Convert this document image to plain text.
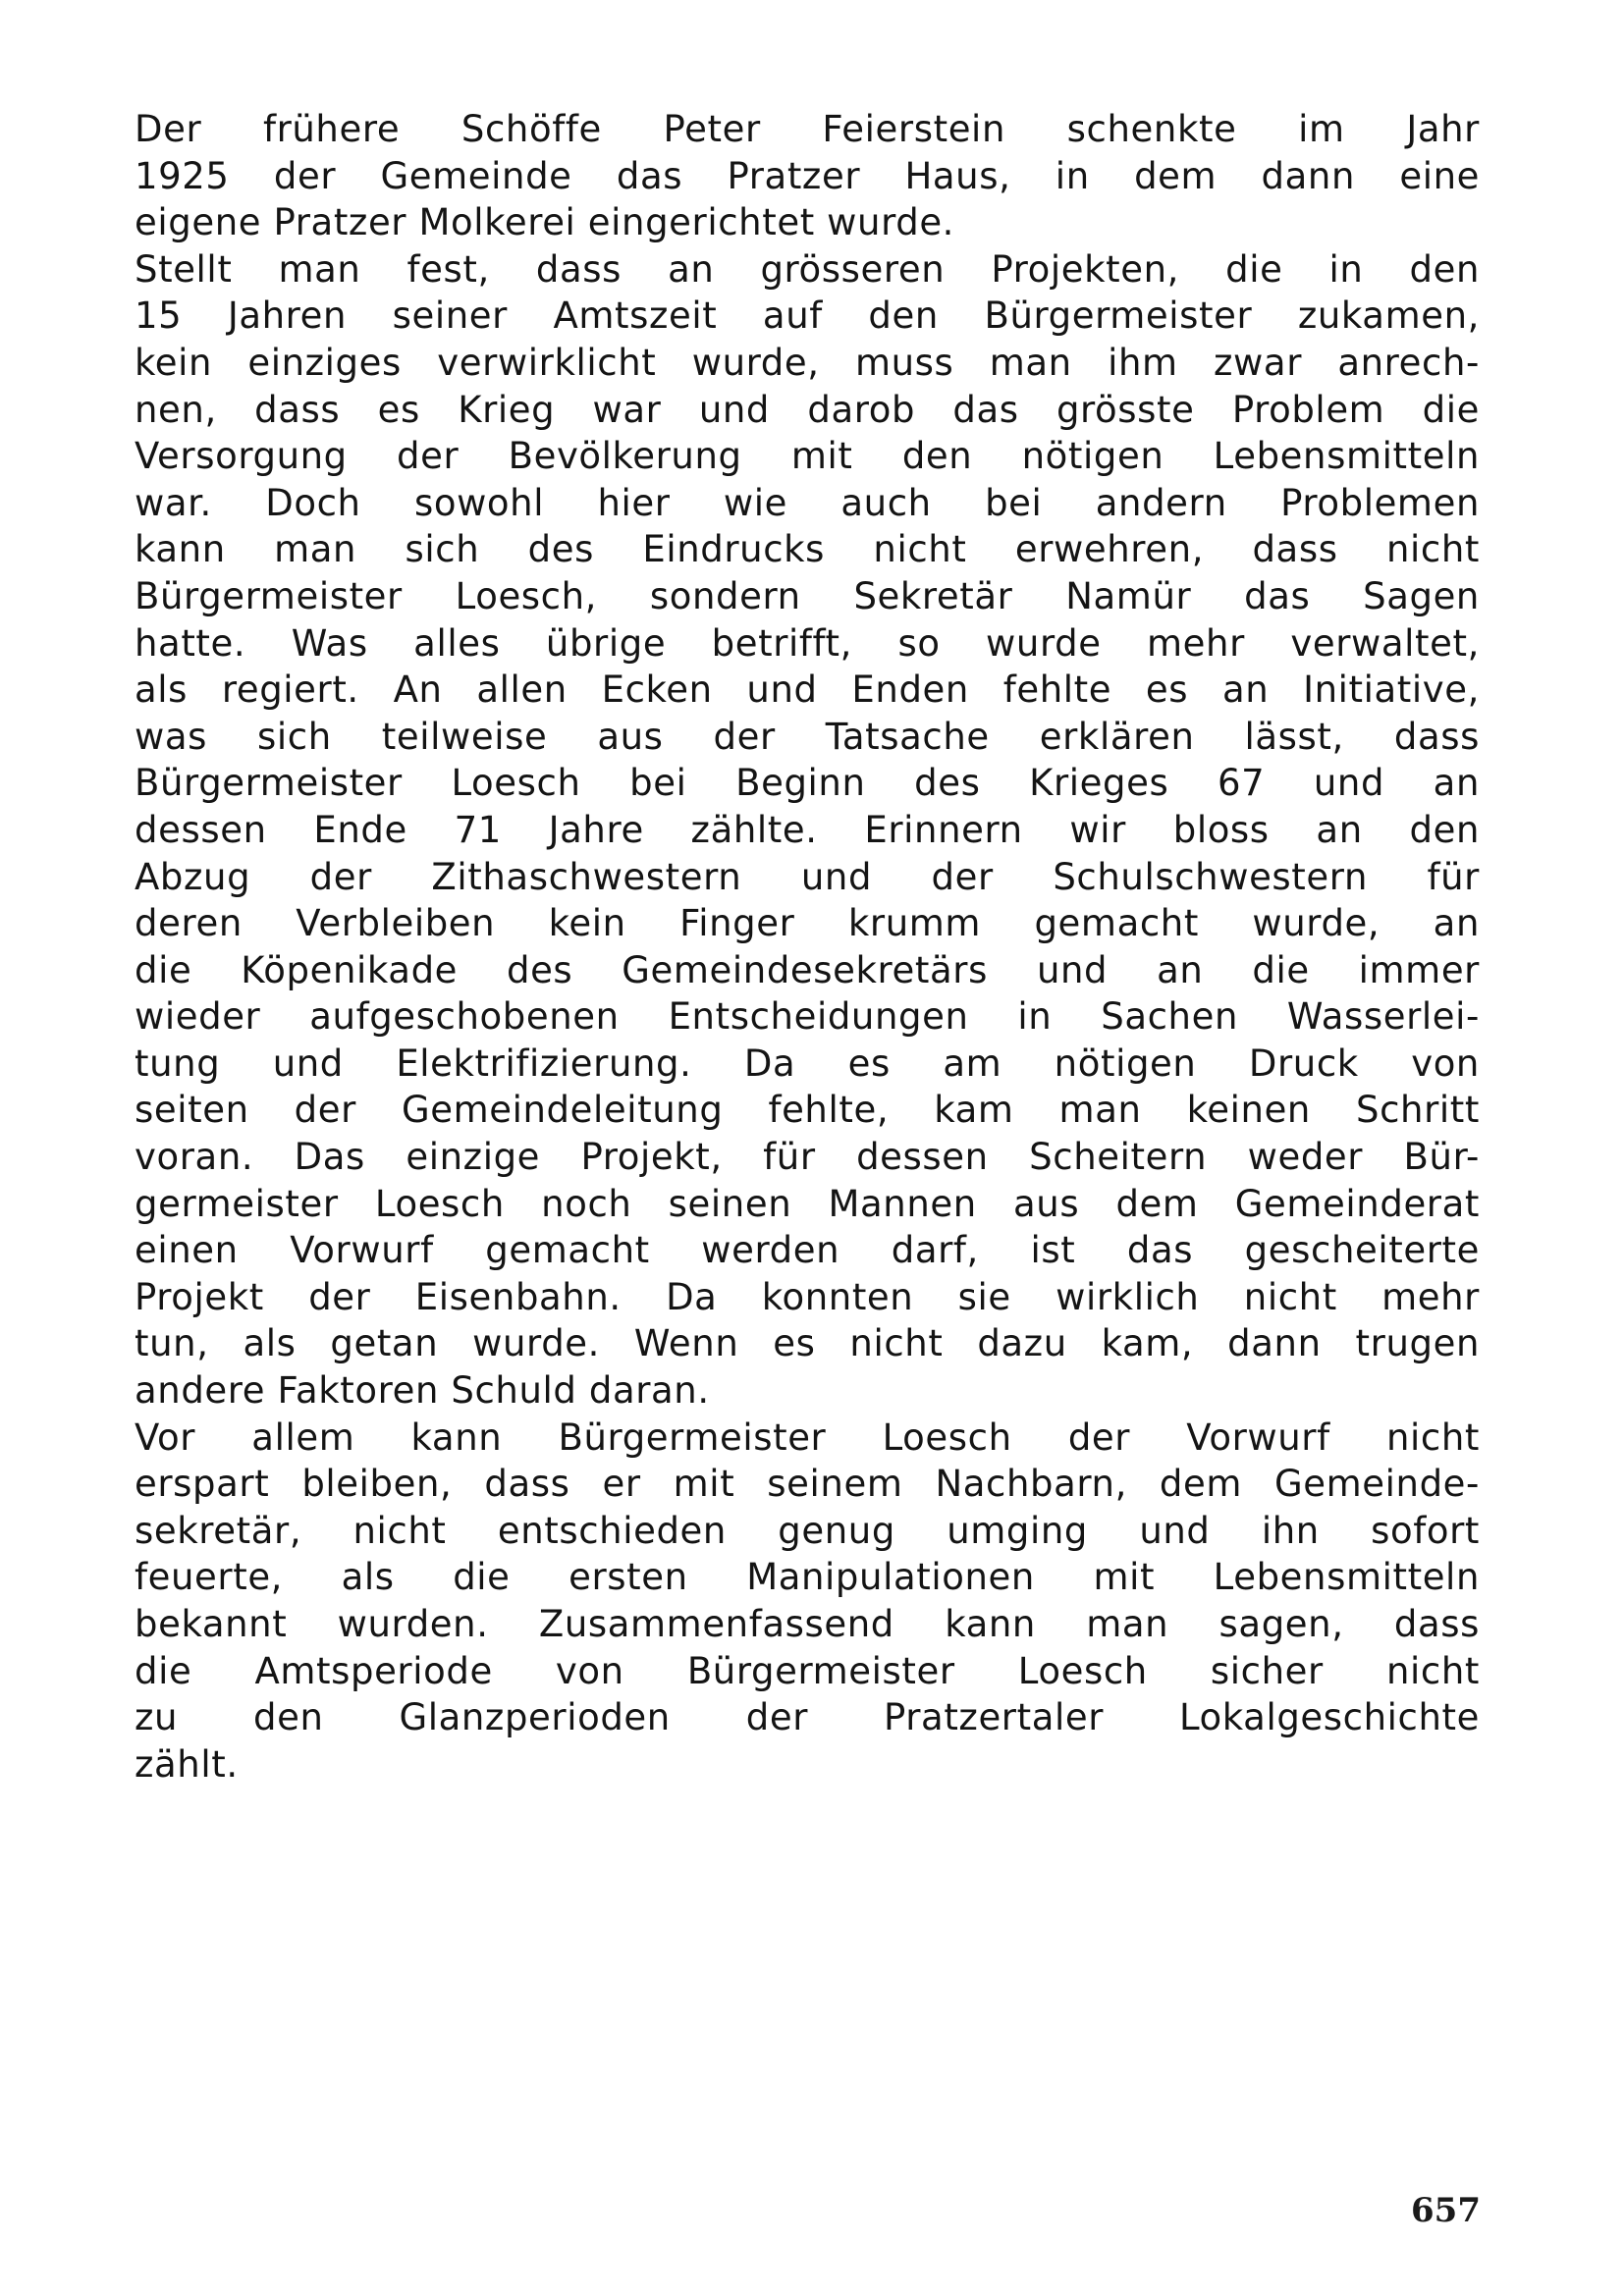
Der frühere Schöffe Peter Feierstein schenkte im Jahr
1925 der Gemeinde das Pratzer Haus, in dem dann eine
eigene Pratzer Molkerei eingerichtet wurde.
Stellt man fest, dass an grösseren Projekten, die in den
15 Jahren seiner Amtszeit auf den Bürgermeister zukamen,
kein einziges verwirklicht wurde, muss man ihm zwar anrech-
nen, dass es Krieg war und darob das grösste Problem die
Versorgung der Bevölkerung mit den nötigen Lebensmitteln
war. Doch sowohl hier wie auch bei andern Problemen
kann man sich des Eindrucks nicht erwehren, dass nicht
Bürgermeister Loesch, sondern Sekretär Namür das Sagen
hatte. Was alles übrige betrifft, so wurde mehr verwaltet,
als regiert. An allen Ecken und Enden fehlte es an Initiative,
was sich teilweise aus der Tatsache erklären lässt, dass
Bürgermeister Loesch bei Beginn des Krieges 67 und an
dessen Ende 71 Jahre zählte. Erinnern wir bloss an den
Abzug der Zithaschwestern und der Schulschwestern für
deren Verbleiben kein Finger krumm gemacht wurde, an
die Köpenikade des Gemeindesekretärs und an die immer
wieder aufgeschobenen Entscheidungen in Sachen Wasserlei-
tung und Elektrifizierung. Da es am nötigen Druck von
seiten der Gemeindeleitung fehlte, kam man keinen Schritt
voran. Das einzige Projekt, für dessen Scheitern weder Bür-
germeister Loesch noch seinen Mannen aus dem Gemeinderat
einen Vorwurf gemacht werden darf, ist das gescheiterte
Projekt der Eisenbahn. Da konnten sie wirklich nicht mehr
tun, als getan wurde. Wenn es nicht dazu kam, dann trugen
andere Faktoren Schuld daran.
Vor allem kann Bürgermeister Loesch der Vorwurf nicht
erspart bleiben, dass er mit seinem Nachbarn, dem Gemeinde-
sekretär, nicht entschieden genug umging und ihn sofort
feuerte, als die ersten Manipulationen mit Lebensmitteln
bekannt wurden. Zusammenfassend kann man sagen, dass
die Amtsperiode von Bürgermeister Loesch sicher nicht
zu den Glanzperioden der Pratzertaler Lokalgeschichte
zählt.
657
